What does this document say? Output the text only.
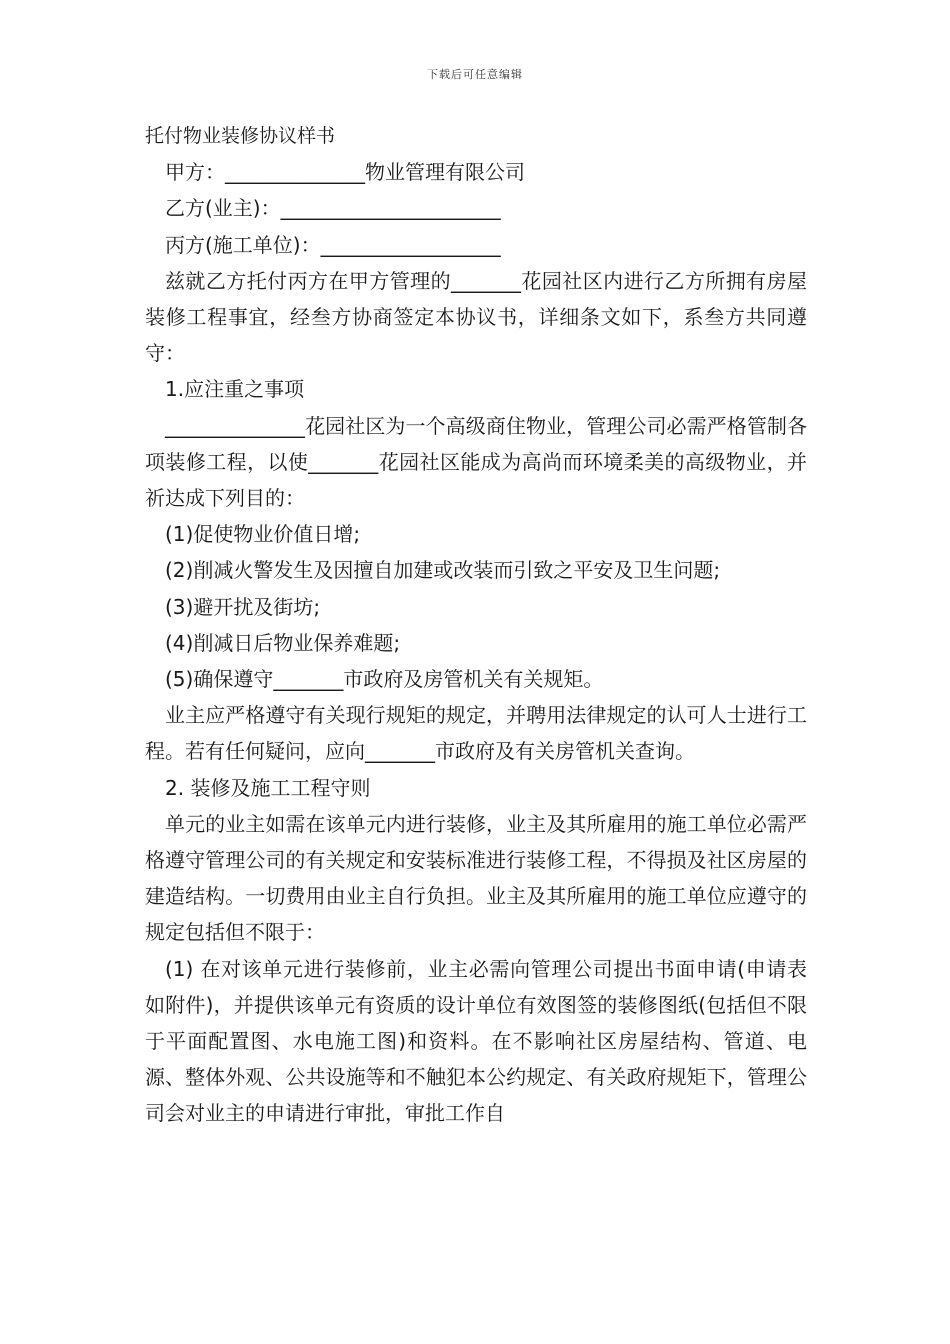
下载后可任意编辑

托付物业装修协议样书

甲方：______________物业管理有限公司

乙方(业主)：______________________

丙方(施工单位)：__________________

兹就乙方托付丙方在甲方管理的_______花园社区内进行乙方所拥有房屋装修工程事宜，经叁方协商签定本协议书，详细条文如下，系叁方共同遵守：

1.应注重之事项

______________花园社区为一个高级商住物业，管理公司必需严格管制各项装修工程，以使_______花园社区能成为高尚而环境柔美的高级物业，并祈达成下列目的：

(1)促使物业价值日增;

(2)削减火警发生及因擅自加建或改装而引致之平安及卫生问题;

(3)避开扰及街坊;

(4)削减日后物业保养难题;

(5)确保遵守_______市政府及房管机关有关规矩。

业主应严格遵守有关现行规矩的规定，并聘用法律规定的认可人士进行工程。若有任何疑问，应向_______市政府及有关房管机关查询。

2. 装修及施工工程守则

单元的业主如需在该单元内进行装修，业主及其所雇用的施工单位必需严格遵守管理公司的有关规定和安装标准进行装修工程，不得损及社区房屋的建造结构。一切费用由业主自行负担。业主及其所雇用的施工单位应遵守的规定包括但不限于：

(1) 在对该单元进行装修前，业主必需向管理公司提出书面申请(申请表如附件)，并提供该单元有资质的设计单位有效图签的装修图纸(包括但不限于平面配置图、水电施工图)和资料。在不影响社区房屋结构、管道、电源、整体外观、公共设施等和不触犯本公约规定、有关政府规矩下，管理公司会对业主的申请进行审批，审批工作自
